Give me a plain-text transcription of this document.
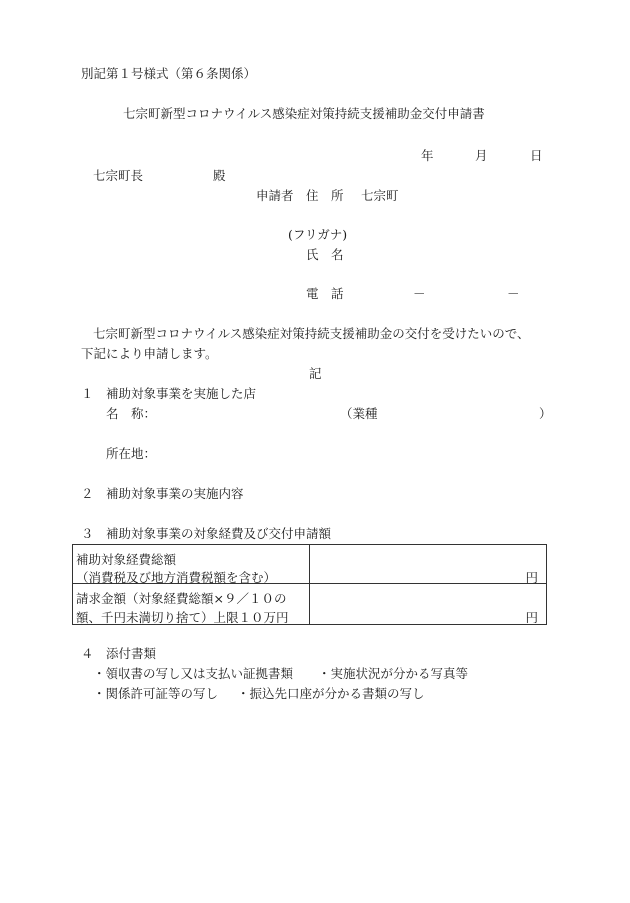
別記第１号様式（第６条関係）
七宗町新型コロナウイルス感染症対策持続支援補助金交付申請書
年	月	日
七宗町長	殿
申請者 住　所 七宗町
(フリガナ)
氏　名
電　話	－	－
七宗町新型コロナウイルス感染症対策持続支援補助金の交付を受けたいので、
下記により申請します。
記
１ 補助対象事業を実施した店
名　称：	（業種	）
所在地：
２ 補助対象事業の実施内容
３ 補助対象事業の対象経費及び交付申請額
補助対象経費総額
（消費税及び地方消費税額を含む）	円
請求金額（対象経費総額×９／１０の
額、千円未満切り捨て）上限１０万円	円
４ 添付書類
・領収書の写し又は支払い証拠書類 ・実施状況が分かる写真等
・関係許可証等の写し ・振込先口座が分かる書類の写し
